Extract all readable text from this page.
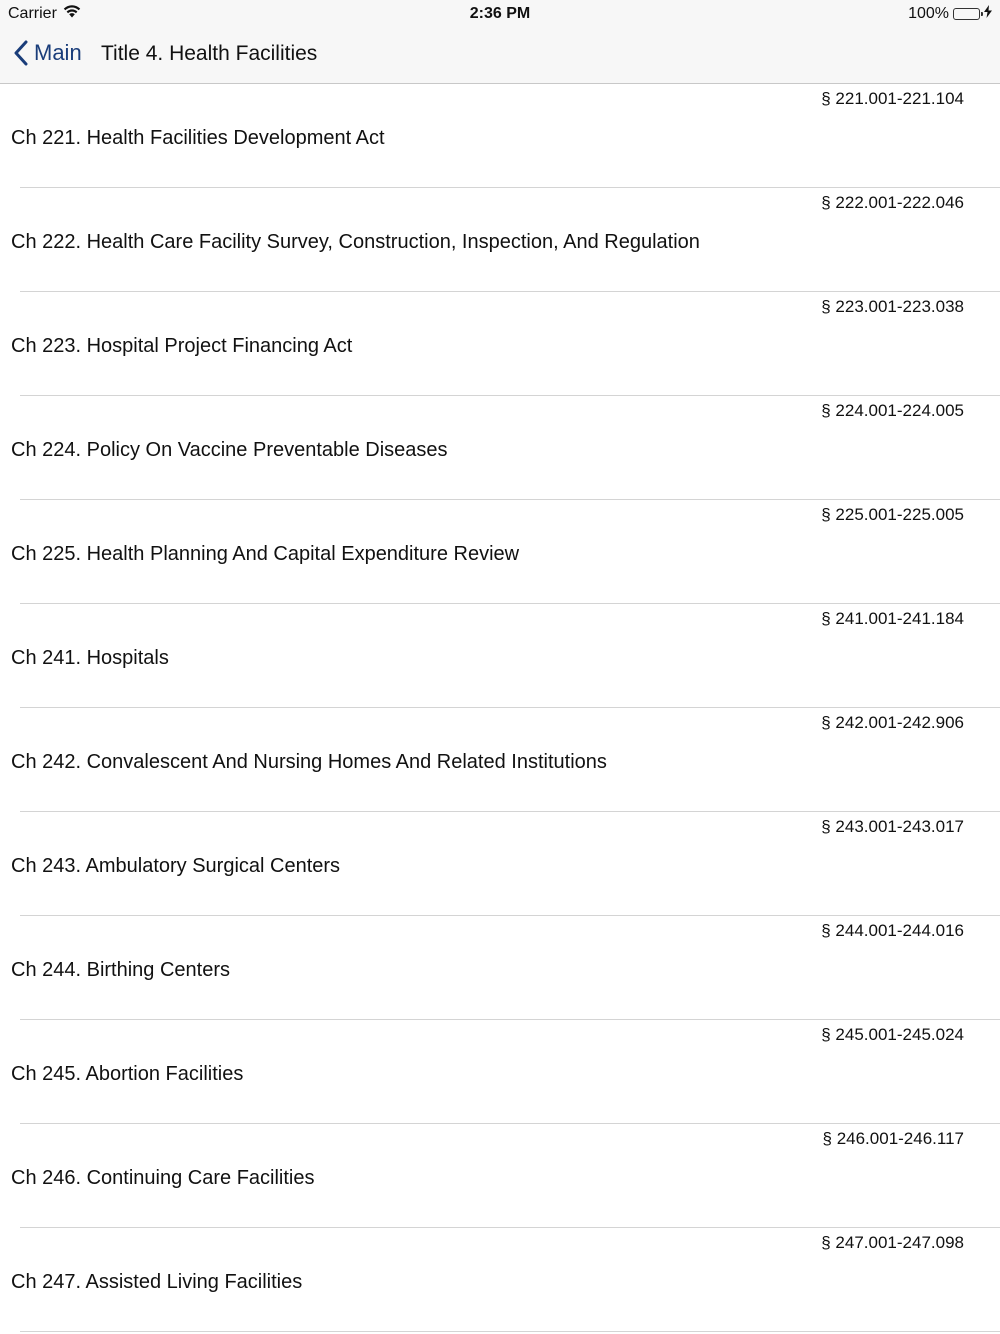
Carrier	2:36 PM	100%
Main Title 4. Health Facilities
§ 221.001-221.104
Ch 221. Health Facilities Development Act
§ 222.001-222.046
Ch 222. Health Care Facility Survey, Construction, Inspection, And Regulation
§ 223.001-223.038
Ch 223. Hospital Project Financing Act
§ 224.001-224.005
Ch 224. Policy On Vaccine Preventable Diseases
§ 225.001-225.005
Ch 225. Health Planning And Capital Expenditure Review
§ 241.001-241.184
Ch 241. Hospitals
§ 242.001-242.906
Ch 242. Convalescent And Nursing Homes And Related Institutions
§ 243.001-243.017
Ch 243. Ambulatory Surgical Centers
§ 244.001-244.016
Ch 244. Birthing Centers
§ 245.001-245.024
Ch 245. Abortion Facilities
§ 246.001-246.117
Ch 246. Continuing Care Facilities
§ 247.001-247.098
Ch 247. Assisted Living Facilities
